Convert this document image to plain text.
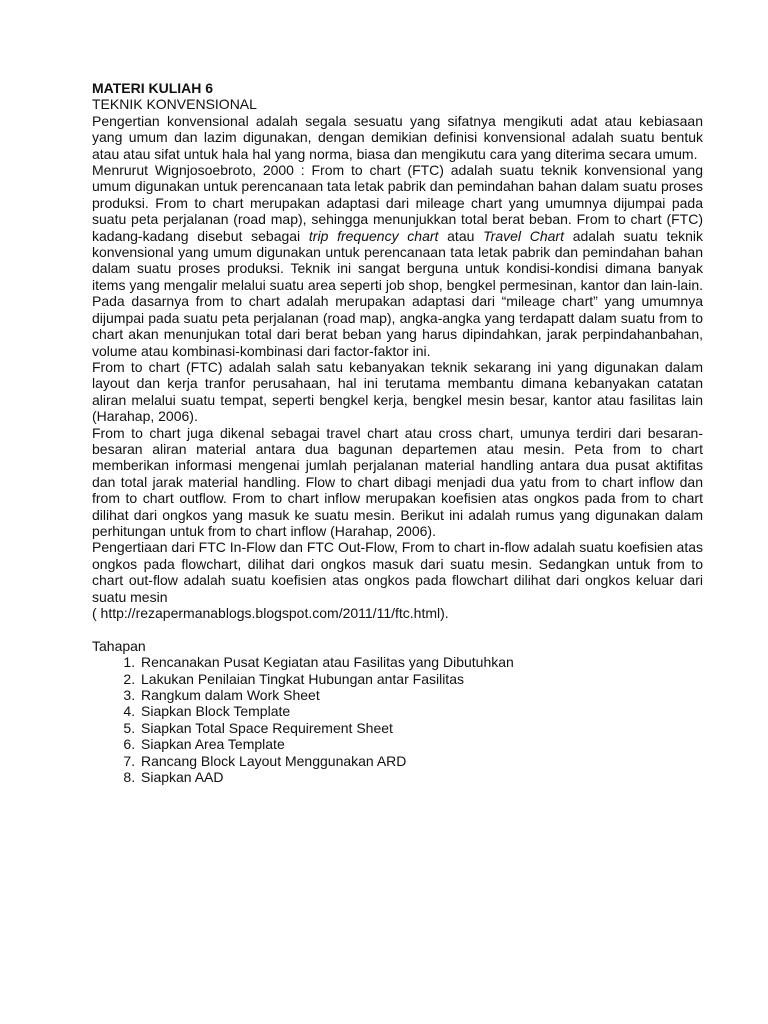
MATERI KULIAH 6

TEKNIK KONVENSIONAL

Pengertian konvensional adalah segala sesuatu yang sifatnya mengikuti adat atau kebiasaan yang umum dan lazim digunakan, dengan demikian definisi konvensional adalah suatu bentuk atau atau sifat untuk hala hal yang norma, biasa dan mengikutu cara yang diterima secara umum.

Menrurut Wignjosoebroto, 2000 : From to chart (FTC) adalah suatu teknik konvensional yang umum digunakan untuk perencanaan tata letak pabrik dan pemindahan bahan dalam suatu proses produksi. From to chart merupakan adaptasi dari mileage chart yang umumnya dijumpai pada suatu peta perjalanan (road map), sehingga menunjukkan total berat beban. From to chart (FTC) kadang-kadang disebut sebagai trip frequency chart atau Travel Chart adalah suatu teknik konvensional yang umum digunakan untuk perencanaan tata letak pabrik dan pemindahan bahan dalam suatu proses produksi. Teknik ini sangat berguna untuk kondisi-kondisi dimana banyak items yang mengalir melalui suatu area seperti job shop, bengkel permesinan, kantor dan lain-lain. Pada dasarnya from to chart adalah merupakan adaptasi dari “mileage chart” yang umumnya dijumpai pada suatu peta perjalanan (road map), angka-angka yang terdapatt dalam suatu from to chart akan menunjukan total dari berat beban yang harus dipindahkan, jarak perpindahanbahan, volume atau kombinasi-kombinasi dari factor-faktor ini.

From to chart (FTC) adalah salah satu kebanyakan teknik sekarang ini yang digunakan dalam layout dan kerja tranfor perusahaan, hal ini terutama membantu dimana kebanyakan catatan aliran melalui suatu tempat, seperti bengkel kerja, bengkel mesin besar, kantor atau fasilitas lain (Harahap, 2006).

From to chart juga dikenal sebagai travel chart atau cross chart, umunya terdiri dari besaran-besaran aliran material antara dua bagunan departemen atau mesin. Peta from to chart memberikan informasi mengenai jumlah perjalanan material handling antara dua pusat aktifitas dan total jarak material handling. Flow to chart dibagi menjadi dua yatu from to chart inflow dan from to chart outflow. From to chart inflow merupakan koefisien atas ongkos pada from to chart dilihat dari ongkos yang masuk ke suatu mesin. Berikut ini adalah rumus yang digunakan dalam perhitungan untuk from to chart inflow (Harahap, 2006).

Pengertiaan dari FTC In-Flow dan FTC Out-Flow, From to chart in-flow adalah suatu koefisien atas ongkos pada flowchart, dilihat dari ongkos masuk dari suatu mesin. Sedangkan untuk from to chart out-flow adalah suatu koefisien atas ongkos pada flowchart dilihat dari ongkos keluar dari suatu mesin

( http://rezapermanablogs.blogspot.com/2011/11/ftc.html).

Tahapan

1. Rencanakan Pusat Kegiatan atau Fasilitas yang Dibutuhkan
2. Lakukan Penilaian Tingkat Hubungan antar Fasilitas
3. Rangkum dalam Work Sheet
4. Siapkan Block Template
5. Siapkan Total Space Requirement Sheet
6. Siapkan Area Template
7. Rancang Block Layout Menggunakan ARD
8. Siapkan AAD
